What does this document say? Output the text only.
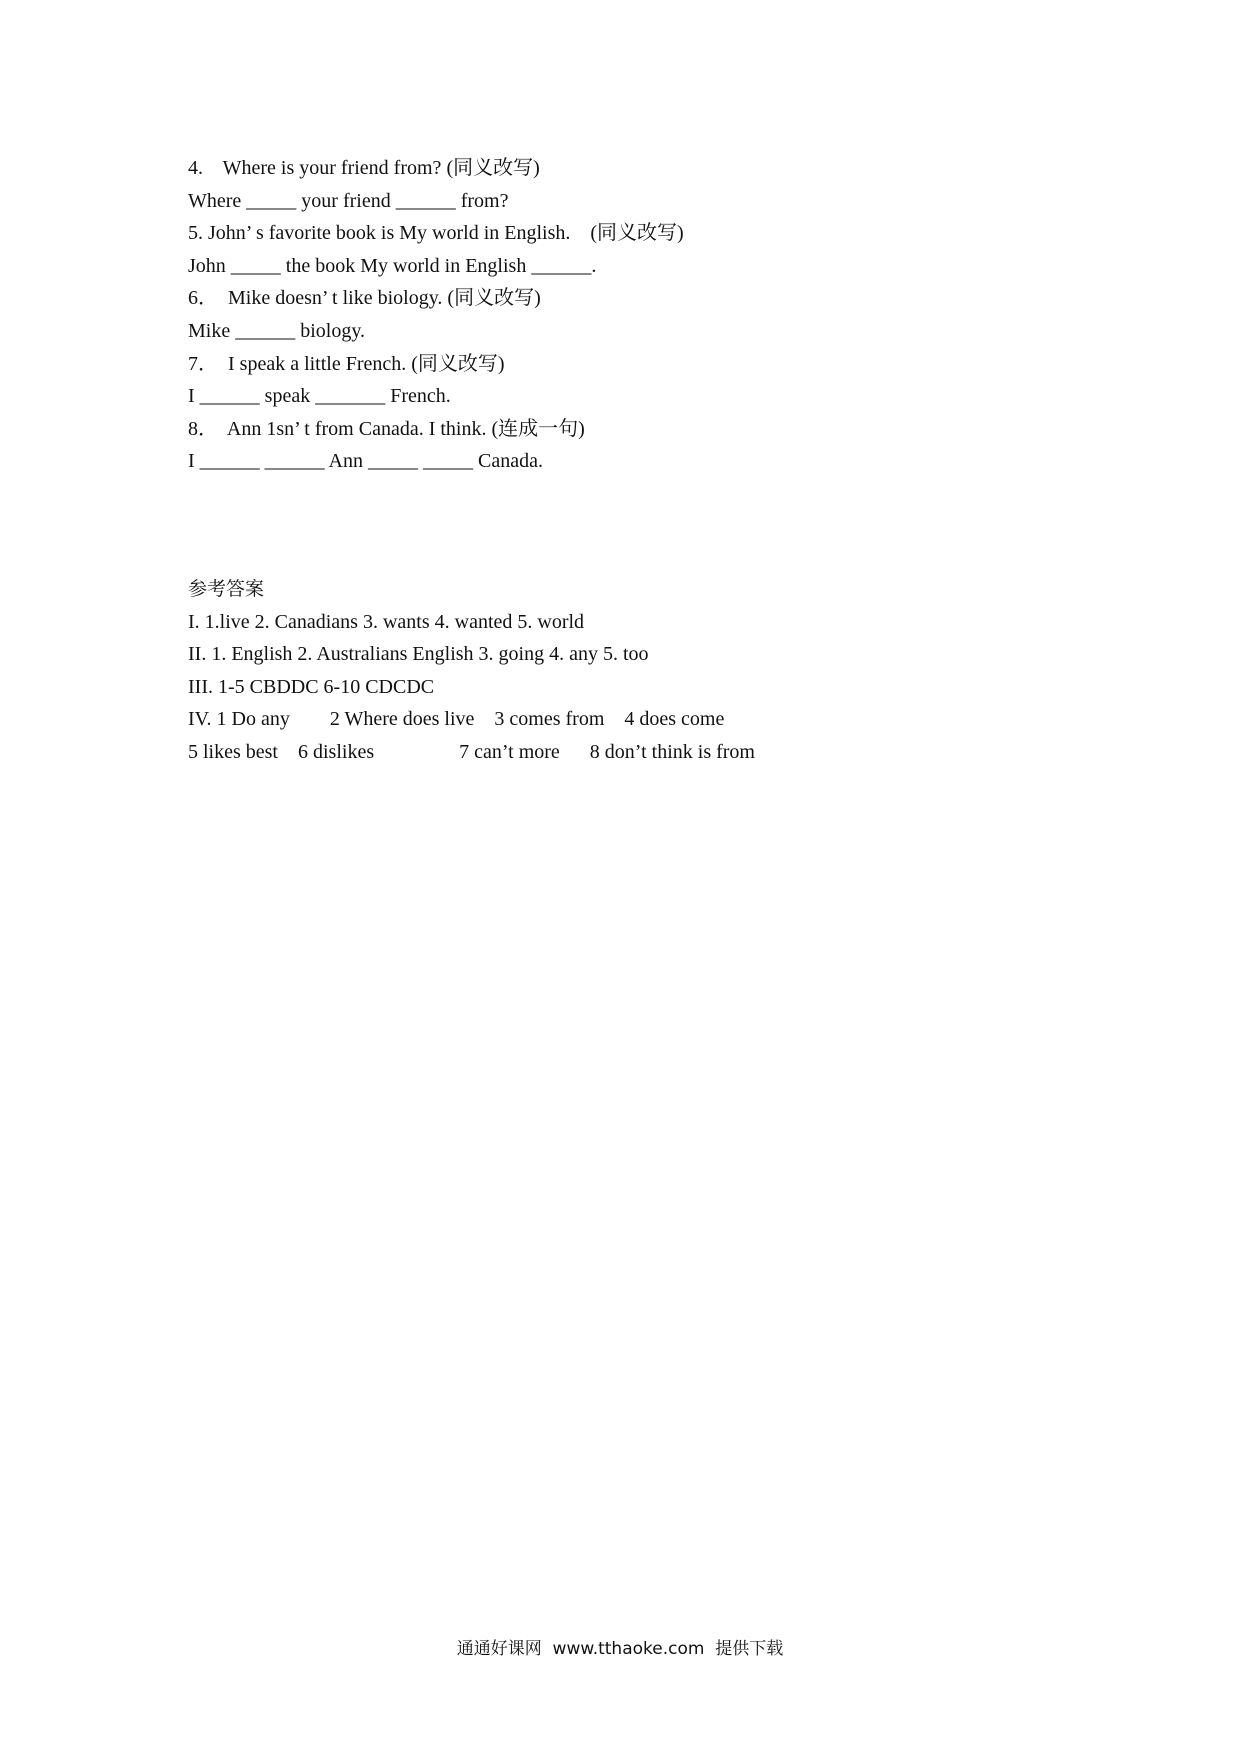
4.    Where is your friend from? (同义改写)
Where _____ your friend ______ from?
5. John’ s favorite book is My world in English.    (同义改写)
John _____ the book My world in English ______.
6．  Mike doesn’ t like biology. (同义改写)
Mike ______ biology.
7．  I speak a little French. (同义改写)
I ______ speak _______ French.
8．  Ann 1sn’ t from Canada. I think. (连成一句)
I ______ ______ Ann _____ _____ Canada.
参考答案
I. 1.live 2. Canadians 3. wants 4. wanted 5. world
II. 1. English 2. Australians English 3. going 4. any 5. too
III. 1-5 CBDDC 6-10 CDCDC
IV. 1 Do any        2 Where does live    3 comes from    4 does come
5 likes best    6 dislikes                 7 can’t more      8 don’t think is from
通通好课网  www.tthaoke.com  提供下载
